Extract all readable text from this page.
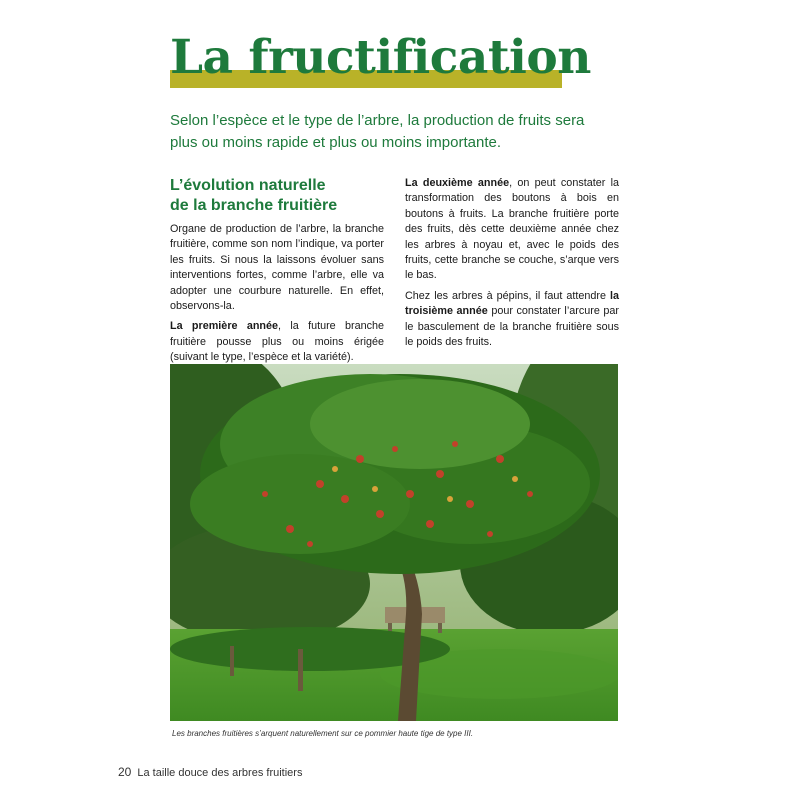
La fructification

Selon l’espèce et le type de l’arbre, la production de fruits sera plus ou moins rapide et plus ou moins importante.

L’évolution naturelle
de la branche fruitière

Organe de production de l’arbre, la branche fruitière, comme son nom l’indique, va porter les fruits. Si nous la laissons évoluer sans interventions fortes, comme l’arbre, elle va adopter une courbure naturelle. En effet, observons-la.

La première année, la future branche fruitière pousse plus ou moins érigée (suivant le type, l’espèce et la variété).

La deuxième année, on peut constater la transformation des boutons à bois en boutons à fruits. La branche fruitière porte des fruits, dès cette deuxième année chez les arbres à noyau et, avec le poids des fruits, cette branche se couche, s’arque vers le bas.

Chez les arbres à pépins, il faut attendre la troisième année pour constater l’arcure par le basculement de la branche fruitière sous le poids des fruits.

Les branches fruitières s’arquent naturellement sur ce pommier haute tige de type III.

20 La taille douce des arbres fruitiers
